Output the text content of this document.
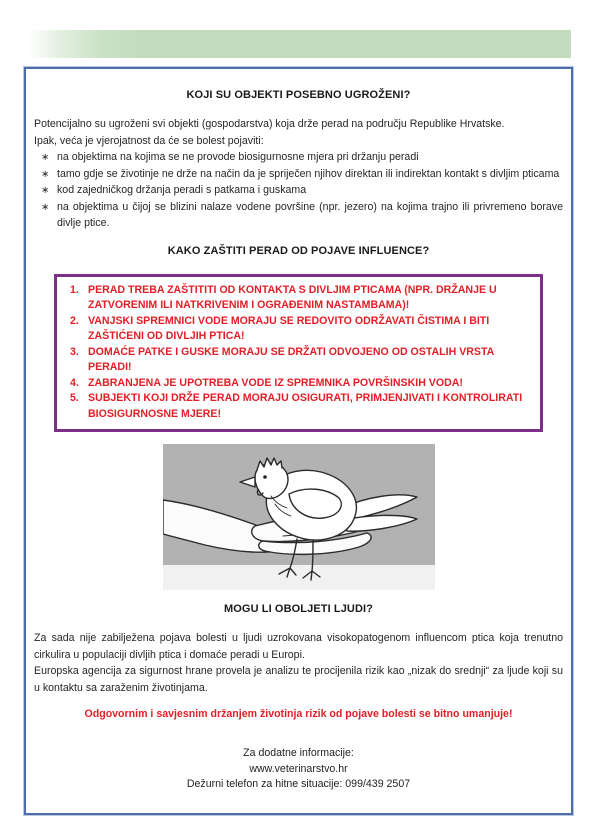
KOJI SU OBJEKTI POSEBNO UGROŽENI?
Potencijalno su ugroženi svi objekti (gospodarstva) koja drže perad na području Republike Hrvatske.
Ipak, veća je vjerojatnost da će se bolest pojaviti:
∗ na objektima na kojima se ne provode biosigurnosne mjera pri držanju peradi
∗ tamo gdje se životinje ne drže na način da je spriječen njihov direktan ili indirektan kontakt s divljim pticama
∗ kod zajedničkog držanja peradi s patkama i guskama
∗ na objektima u čijoj se blizini nalaze vodene površine (npr. jezero) na kojima trajno ili privremeno borave divlje ptice.
KAKO ZAŠTITI PERAD OD POJAVE INFLUENCE?
1. PERAD TREBA ZAŠTITITI OD KONTAKTA S DIVLJIM PTICAMA (NPR. DRŽANJE U ZATVORENIM ILI NATKRIVENIM I OGRAĐENIM NASTAMBAMA)!
2. VANJSKI SPREMNICI VODE MORAJU SE REDOVITO ODRŽAVATI ČISTIMA I BITI ZAŠTIĆENI OD DIVLJIH PTICA!
3. DOMAĆE PATKE I GUSKE MORAJU SE DRŽATI ODVOJENO OD OSTALIH VRSTA PERADI!
4. ZABRANJENA JE UPOTREBA VODE IZ SPREMNIKA POVRŠINSKIH VODA!
5. SUBJEKTI KOJI DRŽE PERAD MORAJU OSIGURATI, PRIMJENJIVATI I KONTROLIRATI BIOSIGURNOSNE MJERE!
MOGU LI OBOLJETI LJUDI?
Za sada nije zabilježena pojava bolesti u ljudi uzrokovana visokopatogenom influencom ptica koja trenutno cirkulira u populaciji divljih ptica i domaće peradi u Europi.
Europska agencija za sigurnost hrane provela je analizu te procijenila rizik kao „nizak do srednji“ za ljude koji su u kontaktu sa zaraženim životinjama.
Odgovornim i savjesnim držanjem životinja rizik od pojave bolesti se bitno umanjuje!
Za dodatne informacije:
www.veterinarstvo.hr
Dežurni telefon za hitne situacije: 099/439 2507
